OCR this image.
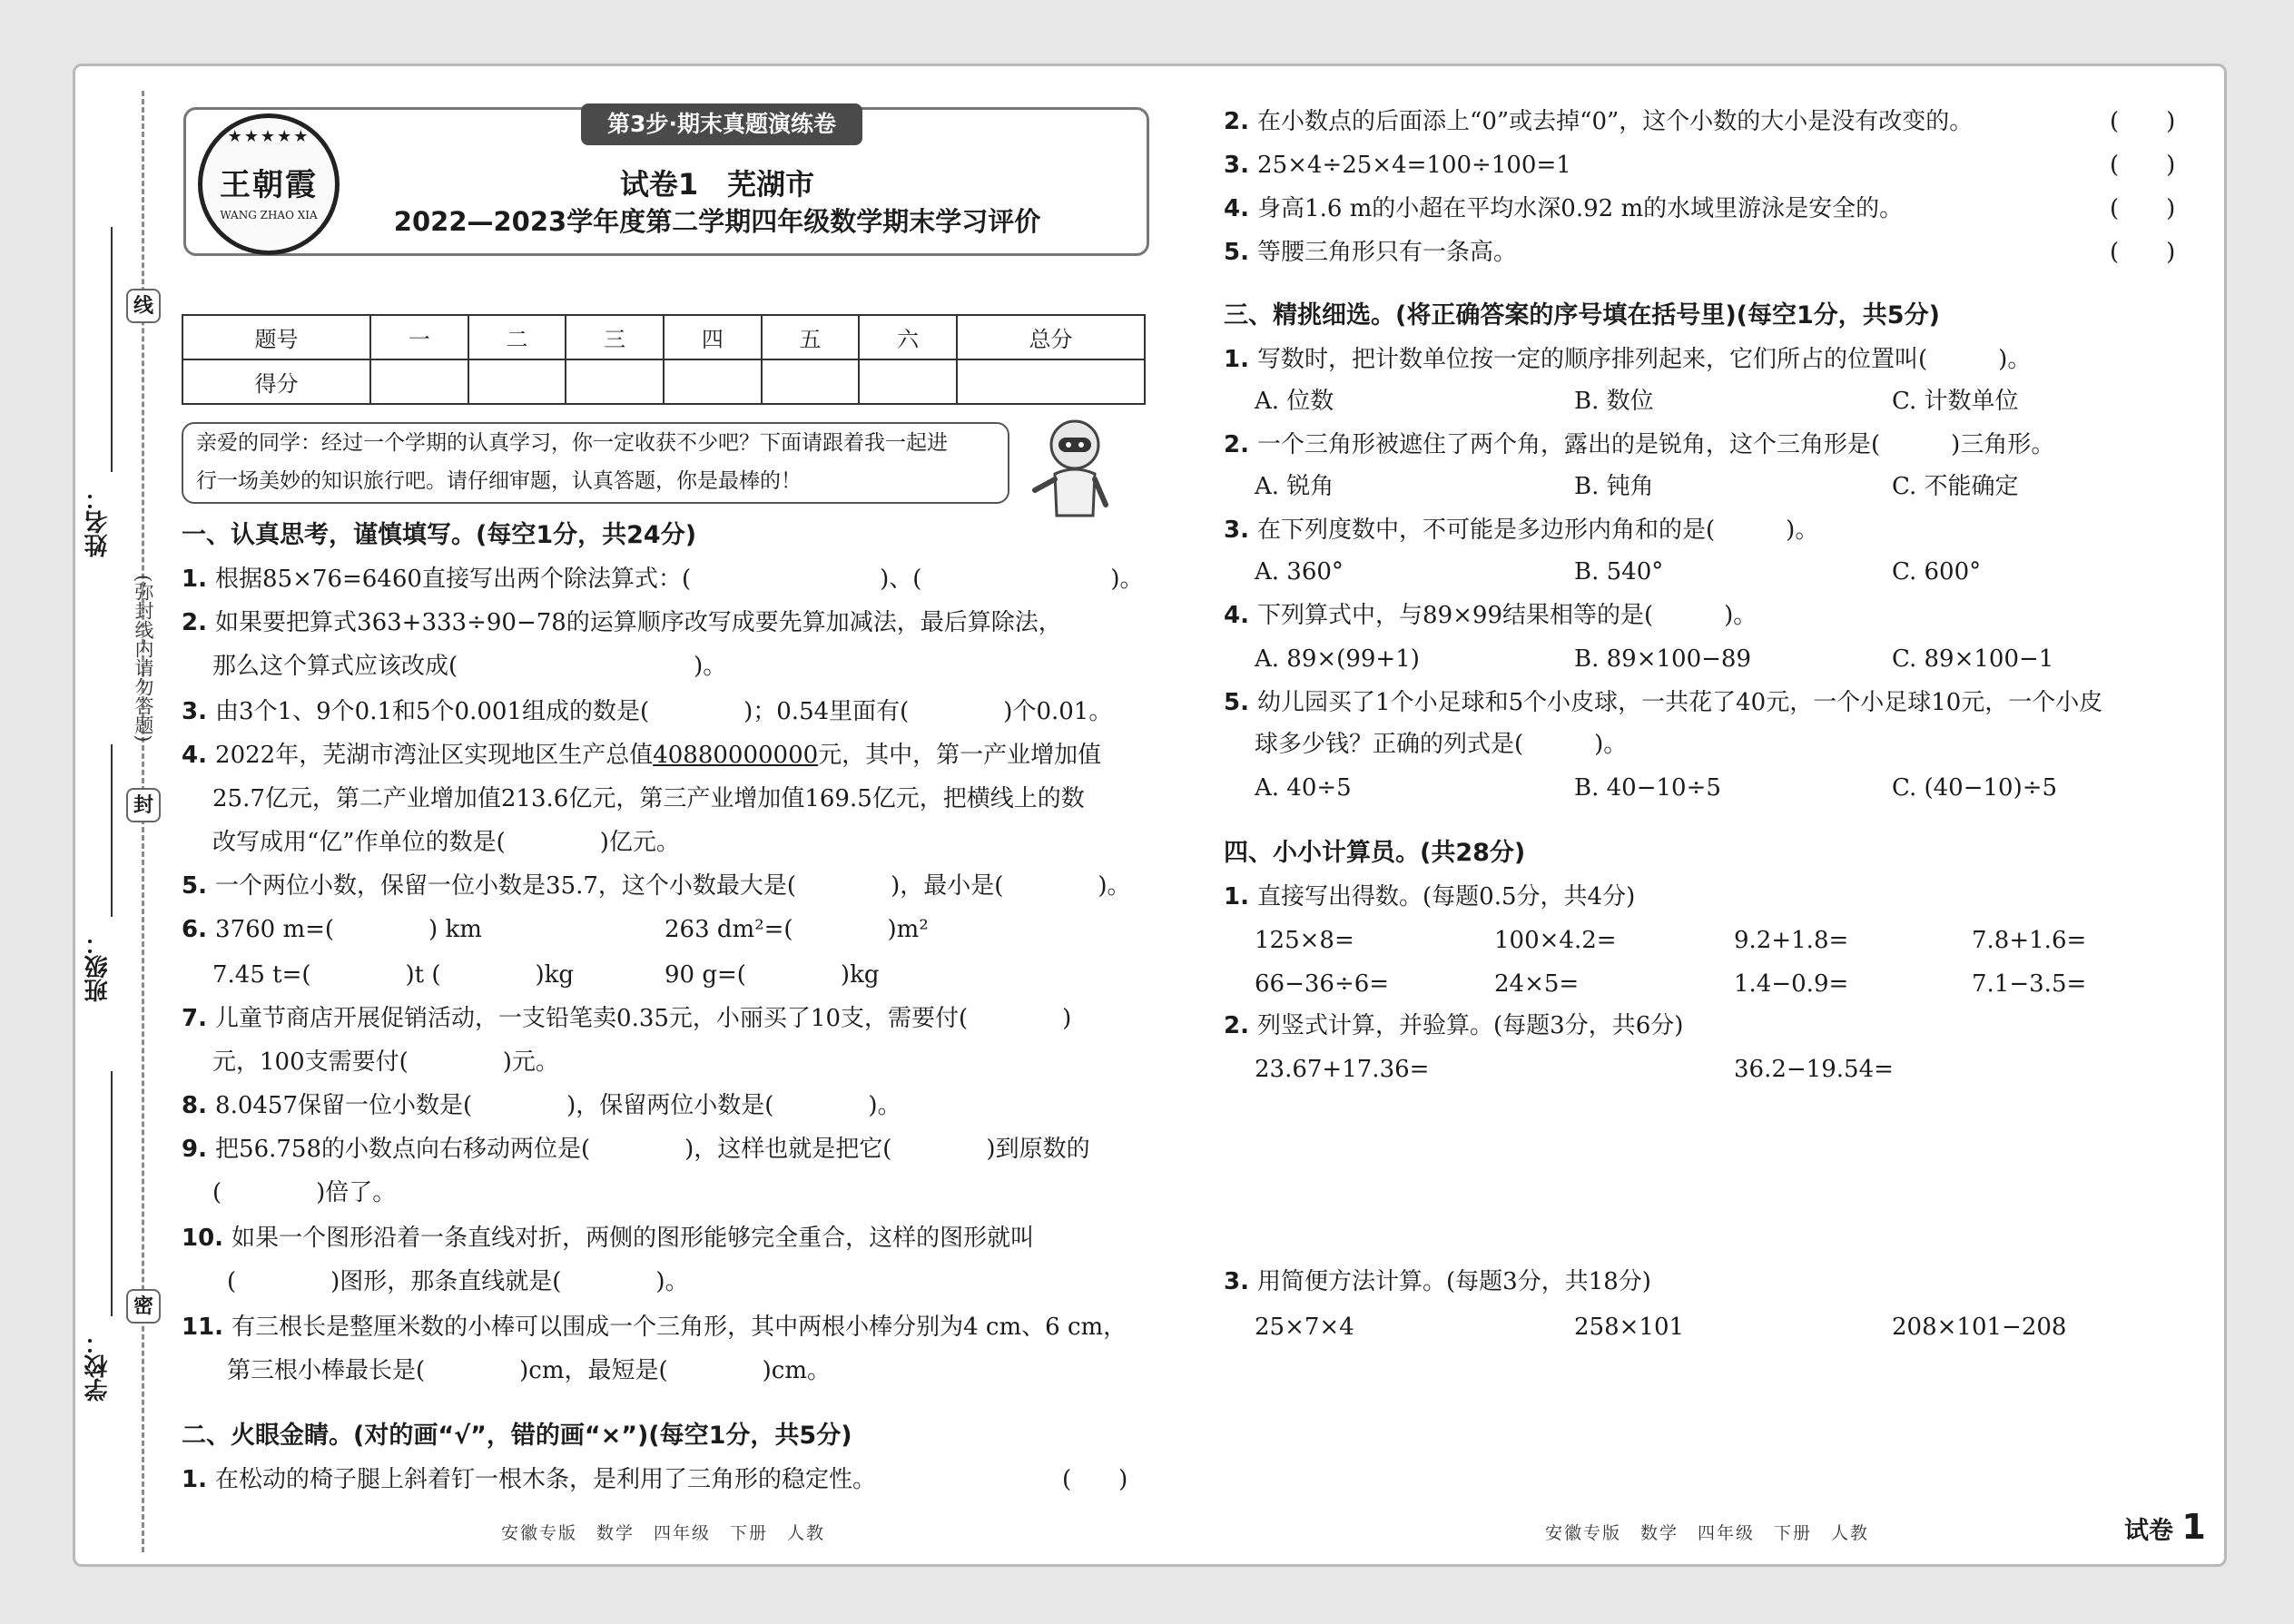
线
封
密
(弥封线内请勿答题)
姓名：
班级：
学校：
★★★★★
王朝霞
WANG ZHAO XIA
第3步·期末真题演练卷
试卷1　芜湖市
2022—2023学年度第二学期四年级数学期末学习评价
题号	一	二	三	四	五	六	总分
得分							
亲爱的同学：经过一个学期的认真学习，你一定收获不少吧？下面请跟着我一起进
行一场美妙的知识旅行吧。请仔细审题，认真答题，你是最棒的！
一、认真思考，谨慎填写。(每空1分，共24分)
1. 根据85×76=6460直接写出两个除法算式：(　　　　　　　　)、(　　　　　　　　)。
2. 如果要把算式363+333÷90−78的运算顺序改写成要先算加减法，最后算除法，
那么这个算式应该改成(　　　　　　　　　　)。
3. 由3个1、9个0.1和5个0.001组成的数是(　　　　)；0.54里面有(　　　　)个0.01。
4. 2022年，芜湖市湾沚区实现地区生产总值40880000000元，其中，第一产业增加值
25.7亿元，第二产业增加值213.6亿元，第三产业增加值169.5亿元，把横线上的数
改写成用“亿”作单位的数是(　　　　)亿元。
5. 一个两位小数，保留一位小数是35.7，这个小数最大是(　　　　)，最小是(　　　　)。
6. 3760 m=(　　　　) km	263 dm²=(　　　　)m²
7.45 t=(　　　　)t (　　　　)kg	90 g=(　　　　)kg
7. 儿童节商店开展促销活动，一支铅笔卖0.35元，小丽买了10支，需要付(　　　　)
元，100支需要付(　　　　)元。
8. 8.0457保留一位小数是(　　　　)，保留两位小数是(　　　　)。
9. 把56.758的小数点向右移动两位是(　　　　)，这样也就是把它(　　　　)到原数的
(　　　　)倍了。
10. 如果一个图形沿着一条直线对折，两侧的图形能够完全重合，这样的图形就叫
(　　　　)图形，那条直线就是(　　　　)。
11. 有三根长是整厘米数的小棒可以围成一个三角形，其中两根小棒分别为4 cm、6 cm，
第三根小棒最长是(　　　　)cm，最短是(　　　　)cm。
二、火眼金睛。(对的画“√”，错的画“×”)(每空1分，共5分)
1. 在松动的椅子腿上斜着钉一根木条，是利用了三角形的稳定性。	(　　)
安徽专版　数学　四年级　下册　人教
2. 在小数点的后面添上“0”或去掉“0”，这个小数的大小是没有改变的。	(　　)
3. 25×4÷25×4=100÷100=1	(　　)
4. 身高1.6 m的小超在平均水深0.92 m的水域里游泳是安全的。	(　　)
5. 等腰三角形只有一条高。	(　　)
三、精挑细选。(将正确答案的序号填在括号里)(每空1分，共5分)
1. 写数时，把计数单位按一定的顺序排列起来，它们所占的位置叫(　　　)。
A. 位数	B. 数位	C. 计数单位
2. 一个三角形被遮住了两个角，露出的是锐角，这个三角形是(　　　)三角形。
A. 锐角	B. 钝角	C. 不能确定
3. 在下列度数中，不可能是多边形内角和的是(　　　)。
A. 360°	B. 540°	C. 600°
4. 下列算式中，与89×99结果相等的是(　　　)。
A. 89×(99+1)	B. 89×100−89	C. 89×100−1
5. 幼儿园买了1个小足球和5个小皮球，一共花了40元，一个小足球10元，一个小皮
球多少钱？正确的列式是(　　　)。
A. 40÷5	B. 40−10÷5	C. (40−10)÷5
四、小小计算员。(共28分)
1. 直接写出得数。(每题0.5分，共4分)
125×8=	100×4.2=	9.2+1.8=	7.8+1.6=
66−36÷6=	24×5=	1.4−0.9=	7.1−3.5=
2. 列竖式计算，并验算。(每题3分，共6分)
23.67+17.36=	36.2−19.54=
3. 用简便方法计算。(每题3分，共18分)
25×7×4	258×101	208×101−208
安徽专版　数学　四年级　下册　人教	试卷 1
